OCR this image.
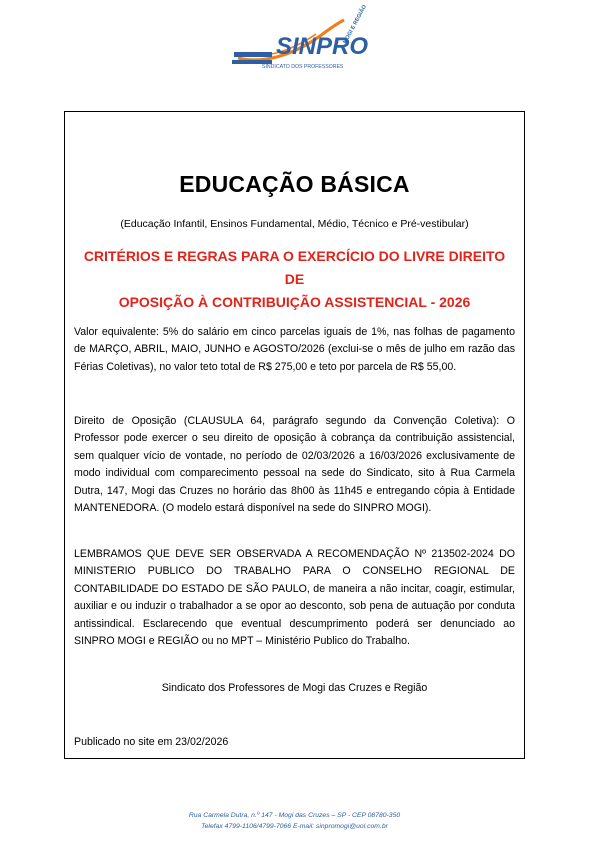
SINPRO
SINDICATO DOS PROFESSORES
MOGI E REGIÃO
EDUCAÇÃO BÁSICA
(Educação Infantil, Ensinos Fundamental, Médio, Técnico e Pré-vestibular)
CRITÉRIOS E REGRAS PARA O EXERCÍCIO DO LIVRE DIREITO DE
OPOSIÇÃO À CONTRIBUIÇÃO ASSISTENCIAL - 2026
Valor equivalente: 5% do salário em cinco parcelas iguais de 1%, nas folhas de pagamento de MARÇO, ABRIL, MAIO, JUNHO e AGOSTO/2026 (exclui-se o mês de julho em razão das Férias Coletivas), no valor teto total de R$ 275,00 e teto por parcela de R$ 55,00.
Direito de Oposição (CLAUSULA 64, parágrafo segundo da Convenção Coletiva): O Professor pode exercer o seu direito de oposição à cobrança da contribuição assistencial, sem qualquer vício de vontade, no período de 02/03/2026 a 16/03/2026 exclusivamente de modo individual com comparecimento pessoal na sede do Sindicato, sito à Rua Carmela Dutra, 147, Mogi das Cruzes no horário das 8h00 às 11h45 e entregando cópia à Entidade MANTENEDORA. (O modelo estará disponível na sede do SINPRO MOGI).
LEMBRAMOS QUE DEVE SER OBSERVADA A RECOMENDAÇÃO Nº 213502-2024 DO MINISTERIO PUBLICO DO TRABALHO PARA O CONSELHO REGIONAL DE CONTABILIDADE DO ESTADO DE SÃO PAULO, de maneira a não incitar, coagir, estimular, auxiliar e ou induzir o trabalhador a se opor ao desconto, sob pena de autuação por conduta antissindical. Esclarecendo que eventual descumprimento poderá ser denunciado ao SINPRO MOGI e REGIÃO ou no MPT – Ministério Publico do Trabalho.
Sindicato dos Professores de Mogi das Cruzes e Região
Publicado no site em 23/02/2026
Rua Carmela Dutra, n.º 147 - Mogi das Cruzes – SP - CEP 08780-350
Telefax 4799-1106/4799-7066 E-mail: sinpromogi@uol.com.br
